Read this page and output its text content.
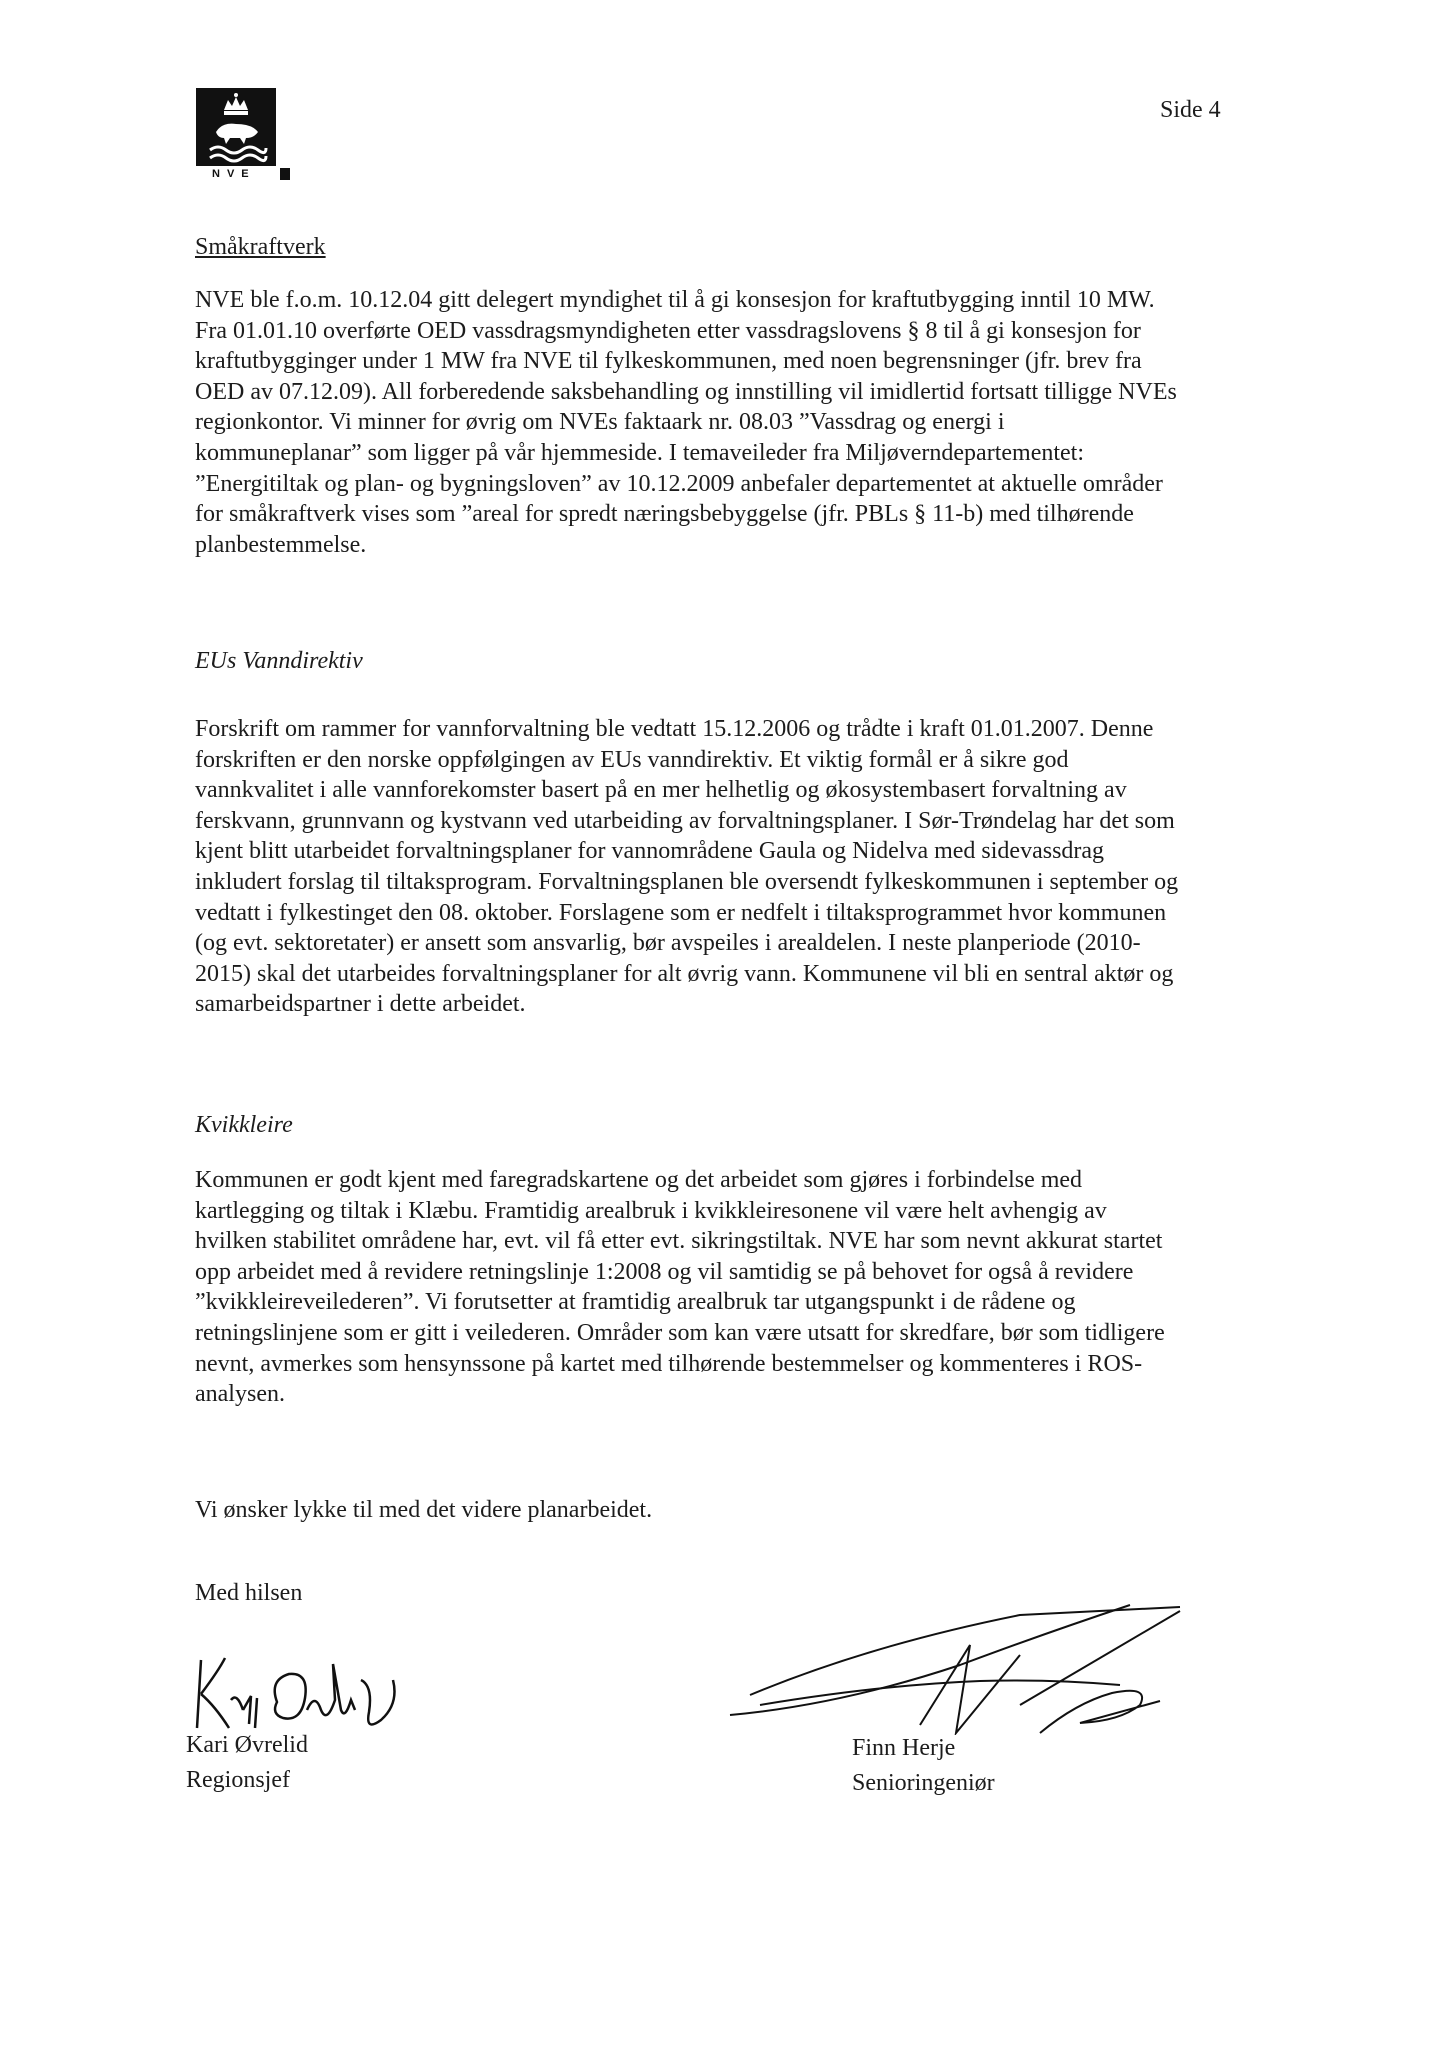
NVE
Side 4
Småkraftverk
NVE ble f.o.m. 10.12.04 gitt delegert myndighet til å gi konsesjon for kraftutbygging inntil 10 MW.
Fra 01.01.10 overførte OED vassdragsmyndigheten etter vassdragslovens § 8 til å gi konsesjon for
kraftutbygginger under 1 MW fra NVE til fylkeskommunen, med noen begrensninger (jfr. brev fra
OED av 07.12.09). All forberedende saksbehandling og innstilling vil imidlertid fortsatt tilligge NVEs
regionkontor. Vi minner for øvrig om NVEs faktaark nr. 08.03 ”Vassdrag og energi i
kommuneplanar” som ligger på vår hjemmeside. I temaveileder fra Miljøverndepartementet:
”Energitiltak og plan- og bygningsloven” av 10.12.2009 anbefaler departementet at aktuelle områder
for småkraftverk vises som ”areal for spredt næringsbebyggelse (jfr. PBLs § 11-b) med tilhørende
planbestemmelse.
EUs Vanndirektiv
Forskrift om rammer for vannforvaltning ble vedtatt 15.12.2006 og trådte i kraft 01.01.2007. Denne
forskriften er den norske oppfølgingen av EUs vanndirektiv. Et viktig formål er å sikre god
vannkvalitet i alle vannforekomster basert på en mer helhetlig og økosystembasert forvaltning av
ferskvann, grunnvann og kystvann ved utarbeiding av forvaltningsplaner. I Sør-Trøndelag har det som
kjent blitt utarbeidet forvaltningsplaner for vannområdene Gaula og Nidelva med sidevassdrag
inkludert forslag til tiltaksprogram. Forvaltningsplanen ble oversendt fylkeskommunen i september og
vedtatt i fylkestinget den 08. oktober. Forslagene som er nedfelt i tiltaksprogrammet hvor kommunen
(og evt. sektoretater) er ansett som ansvarlig, bør avspeiles i arealdelen. I neste planperiode (2010-
2015) skal det utarbeides forvaltningsplaner for alt øvrig vann. Kommunene vil bli en sentral aktør og
samarbeidspartner i dette arbeidet.
Kvikkleire
Kommunen er godt kjent med faregradskartene og det arbeidet som gjøres i forbindelse med
kartlegging og tiltak i Klæbu. Framtidig arealbruk i kvikkleiresonene vil være helt avhengig av
hvilken stabilitet områdene har, evt. vil få etter evt. sikringstiltak. NVE har som nevnt akkurat startet
opp arbeidet med å revidere retningslinje 1:2008 og vil samtidig se på behovet for også å revidere
”kvikkleireveilederen”. Vi forutsetter at framtidig arealbruk tar utgangspunkt i de rådene og
retningslinjene som er gitt i veilederen. Områder som kan være utsatt for skredfare, bør som tidligere
nevnt, avmerkes som hensynssone på kartet med tilhørende bestemmelser og kommenteres i ROS-
analysen.
Vi ønsker lykke til med det videre planarbeidet.
Med hilsen
Kari Øvrelid
Regionsjef
Finn Herje
Senioringeniør
